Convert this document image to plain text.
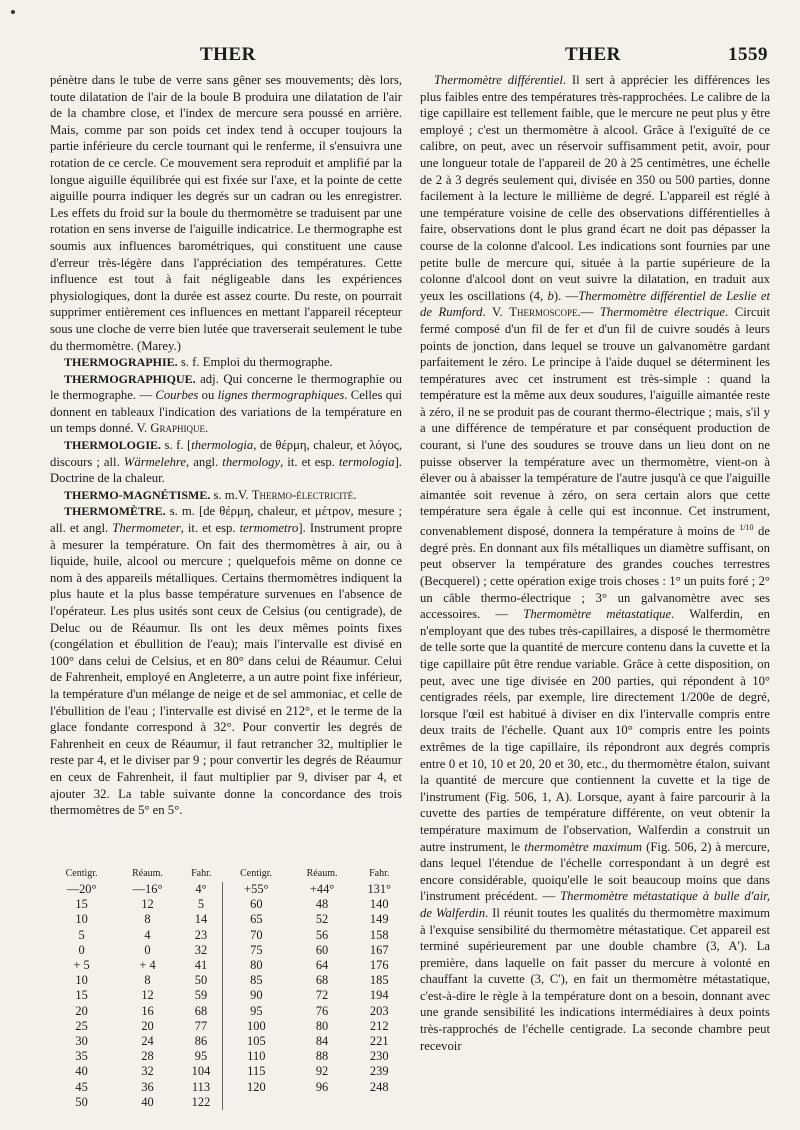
THER	THER	1559

pénètre dans le tube de verre sans gêner ses mouvements; dès lors, toute dilatation de l'air de la boule B produira une dilatation de l'air de la chambre close, et l'index de mercure sera poussé en arrière. Mais, comme par son poids cet index tend à occuper toujours la partie inférieure du cercle tournant qui le renferme, il s'ensuivra une rotation de ce cercle. Ce mouvement sera reproduit et amplifié par la longue aiguille équilibrée qui est fixée sur l'axe, et la pointe de cette aiguille pourra indiquer les degrés sur un cadran ou les enregistrer. Les effets du froid sur la boule du thermomètre se traduisent par une rotation en sens inverse de l'aiguille indicatrice. Le thermographe est soumis aux influences barométriques, qui constituent une cause d'erreur très-légère dans l'appréciation des températures. Cette influence est tout à fait négligeable dans les expériences physiologiques, dont la durée est assez courte. Du reste, on pourrait supprimer entièrement ces influences en mettant l'appareil récepteur sous une cloche de verre bien lutée que traverserait seulement le tube du thermomètre. (Marey.)

THERMOGRAPHIE. s. f. Emploi du thermographe.

THERMOGRAPHIQUE. adj. Qui concerne le thermographie ou le thermographe. — Courbes ou lignes thermographiques. Celles qui donnent en tableaux l'indication des variations de la température en un temps donné. V. Graphique.

THERMOLOGIE. s. f. [thermologia, de θέρμη, chaleur, et λόγος, discours ; all. Wärmelehre, angl. thermology, it. et esp. termologia]. Doctrine de la chaleur.

THERMO-MAGNÉTISME. s. m.V. Thermo-électricité.

THERMOMÈTRE. s. m. [de θέρμη, chaleur, et μέτρον, mesure ; all. et angl. Thermometer, it. et esp. termometro]. Instrument propre à mesurer la température. On fait des thermomètres à air, ou à liquide, huile, alcool ou mercure ; quelquefois même on donne ce nom à des appareils métalliques. Certains thermomètres indiquent la plus haute et la plus basse température survenues en l'absence de l'opérateur. Les plus usités sont ceux de Celsius (ou centigrade), de Deluc ou de Réaumur. Ils ont les deux mêmes points fixes (congélation et ébullition de l'eau); mais l'intervalle est divisé en 100° dans celui de Celsius, et en 80° dans celui de Réaumur. Celui de Fahrenheit, employé en Angleterre, a un autre point fixe inférieur, la température d'un mélange de neige et de sel ammoniac, et celle de l'ébullition de l'eau ; l'intervalle est divisé en 212°, et le terme de la glace fondante correspond à 32°. Pour convertir les degrés de Fahrenheit en ceux de Réaumur, il faut retrancher 32, multiplier le reste par 4, et le diviser par 9 ; pour convertir les degrés de Réaumur en ceux de Fahrenheit, il faut multiplier par 9, diviser par 4, et ajouter 32. La table suivante donne la concordance des trois thermomètres de 5° en 5°.

Centigr.	Réaum.	Fahr.	Centigr.	Réaum.	Fahr.
—20°	—16°	4°	+55°	+44°	131°
15	12	5	60	48	140
10	8	14	65	52	149
5	4	23	70	56	158
0	0	32	75	60	167
+ 5	+ 4	41	80	64	176
10	8	50	85	68	185
15	12	59	90	72	194
20	16	68	95	76	203
25	20	77	100	80	212
30	24	86	105	84	221
35	28	95	110	88	230
40	32	104	115	92	239
45	36	113	120	96	248
50	40	122			

Thermomètre différentiel. Il sert à apprécier les différences les plus faibles entre des températures très-rapprochées. Le calibre de la tige capillaire est tellement faible, que le mercure ne peut plus y être employé ; c'est un thermomètre à alcool. Grâce à l'exiguïté de ce calibre, on peut, avec un réservoir suffisamment petit, avoir, pour une longueur totale de l'appareil de 20 à 25 centimètres, une échelle de 2 à 3 degrés seulement qui, divisée en 350 ou 500 parties, donne facilement à la lecture le millième de degré. L'appareil est réglé à une température voisine de celle des observations différentielles à faire, observations dont le plus grand écart ne doit pas dépasser la course de la colonne d'alcool. Les indications sont fournies par une petite bulle de mercure qui, située à la partie supérieure de la colonne d'alcool dont on veut suivre la dilatation, en traduit aux yeux les oscillations (4, b). —Thermomètre différentiel de Leslie et de Rumford. V. Thermoscope.— Thermomètre électrique. Circuit fermé composé d'un fil de fer et d'un fil de cuivre soudés à leurs points de jonction, dans lequel se trouve un galvanomètre gardant parfaitement le zéro. Le principe à l'aide duquel se déterminent les températures avec cet instrument est très-simple : quand la température est la même aux deux soudures, l'aiguille aimantée reste à zéro, il ne se produit pas de courant thermo-électrique ; mais, s'il y a une différence de température et par conséquent production de courant, si l'une des soudures se trouve dans un lieu dont on ne puisse observer la température avec un thermomètre, vient-on à élever ou à abaisser la température de l'autre jusqu'à ce que l'aiguille aimantée soit revenue à zéro, on sera certain alors que cette température sera égale à celle qui est inconnue. Cet instrument, convenablement disposé, donnera la température à moins de $^{1/10}$ de degré près. En donnant aux fils métalliques un diamètre suffisant, on peut observer la température des grandes couches terrestres (Becquerel) ; cette opération exige trois choses : 1° un puits foré ; 2° un câble thermo-électrique ; 3° un galvanomètre avec ses accessoires. — Thermomètre métastatique. Walferdin, en n'employant que des tubes très-capillaires, a disposé le thermomètre de telle sorte que la quantité de mercure contenu dans la cuvette et la tige capillaire pût être rendue variable. Grâce à cette disposition, on peut, avec une tige divisée en 200 parties, qui répondent à 10° centigrades réels, par exemple, lire directement 1/200e de degré, lorsque l'œil est habitué à diviser en dix l'intervalle compris entre deux traits de l'échelle. Quant aux 10° compris entre les points extrêmes de la tige capillaire, ils répondront aux degrés compris entre 0 et 10, 10 et 20, 20 et 30, etc., du thermomètre étalon, suivant la quantité de mercure que contiennent la cuvette et la tige de l'instrument (Fig. 506, 1, A). Lorsque, ayant à faire parcourir à la cuvette des parties de température différente, on veut obtenir la température maximum de l'observation, Walferdin a construit un autre instrument, le thermomètre maximum (Fig. 506, 2) à mercure, dans lequel l'étendue de l'échelle correspondant à un degré est encore considérable, quoiqu'elle le soit beaucoup moins que dans l'instrument précédent. — Thermomètre métastatique à bulle d'air, de Walferdin. Il réunit toutes les qualités du thermomètre maximum à l'exquise sensibilité du thermomètre métastatique. Cet appareil est terminé supérieurement par une double chambre (3, A'). La première, dans laquelle on fait passer du mercure à volonté en chauffant la cuvette (3, C'), en fait un thermomètre métastatique, c'est-à-dire le règle à la température dont on a besoin, donnant avec une grande sensibilité les indications intermédiaires à deux points très-rapprochés de l'échelle centigrade. La seconde chambre peut recevoir
